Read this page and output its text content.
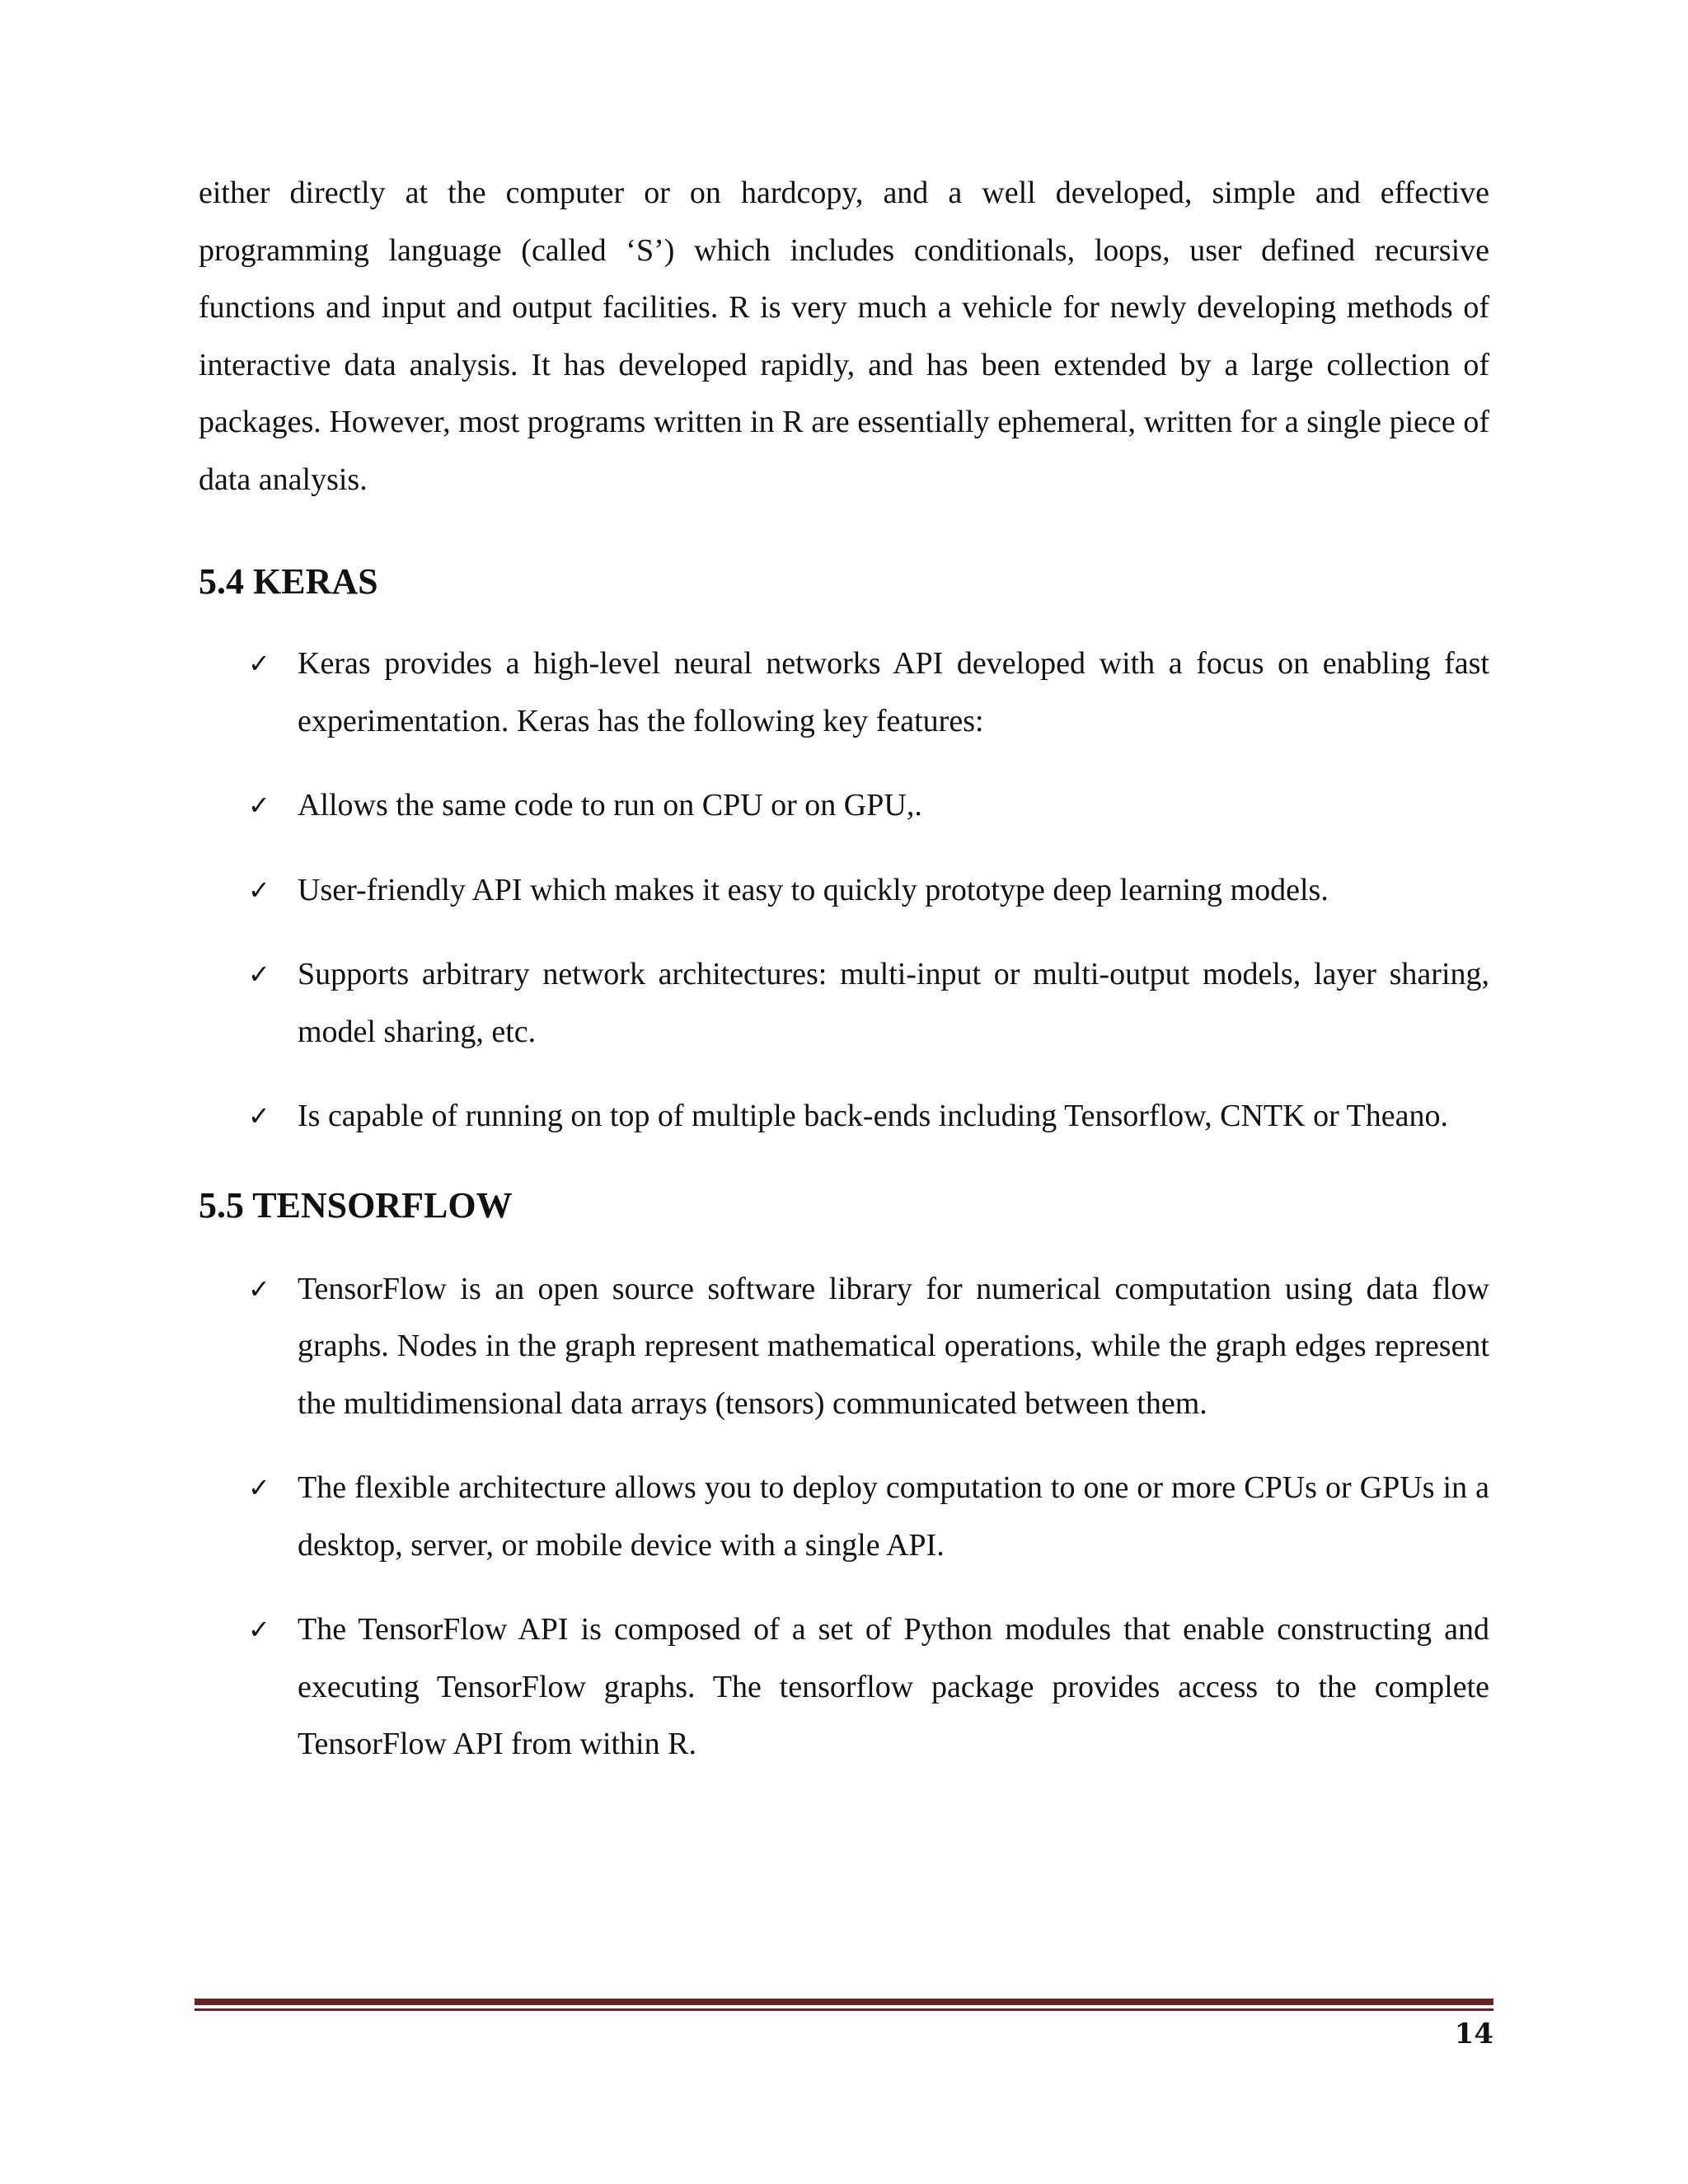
either directly at the computer or on hardcopy, and a well developed, simple and effective programming language (called ‘S’) which includes conditionals, loops, user defined recursive functions and input and output facilities. R is very much a vehicle for newly developing methods of interactive data analysis. It has developed rapidly, and has been extended by a large collection of packages. However, most programs written in R are essentially ephemeral, written for a single piece of data analysis.

5.4 KERAS
✓ Keras provides a high-level neural networks API developed with a focus on enabling fast experimentation. Keras has the following key features:
✓ Allows the same code to run on CPU or on GPU,.
✓ User-friendly API which makes it easy to quickly prototype deep learning models.
✓ Supports arbitrary network architectures: multi-input or multi-output models, layer sharing, model sharing, etc.
✓ Is capable of running on top of multiple back-ends including Tensorflow, CNTK or Theano.
5.5 TENSORFLOW
✓ TensorFlow is an open source software library for numerical computation using data flow graphs. Nodes in the graph represent mathematical operations, while the graph edges represent the multidimensional data arrays (tensors) communicated between them.
✓ The flexible architecture allows you to deploy computation to one or more CPUs or GPUs in a desktop, server, or mobile device with a single API.
✓ The TensorFlow API is composed of a set of Python modules that enable constructing and executing TensorFlow graphs. The tensorflow package provides access to the complete TensorFlow API from within R.
14
